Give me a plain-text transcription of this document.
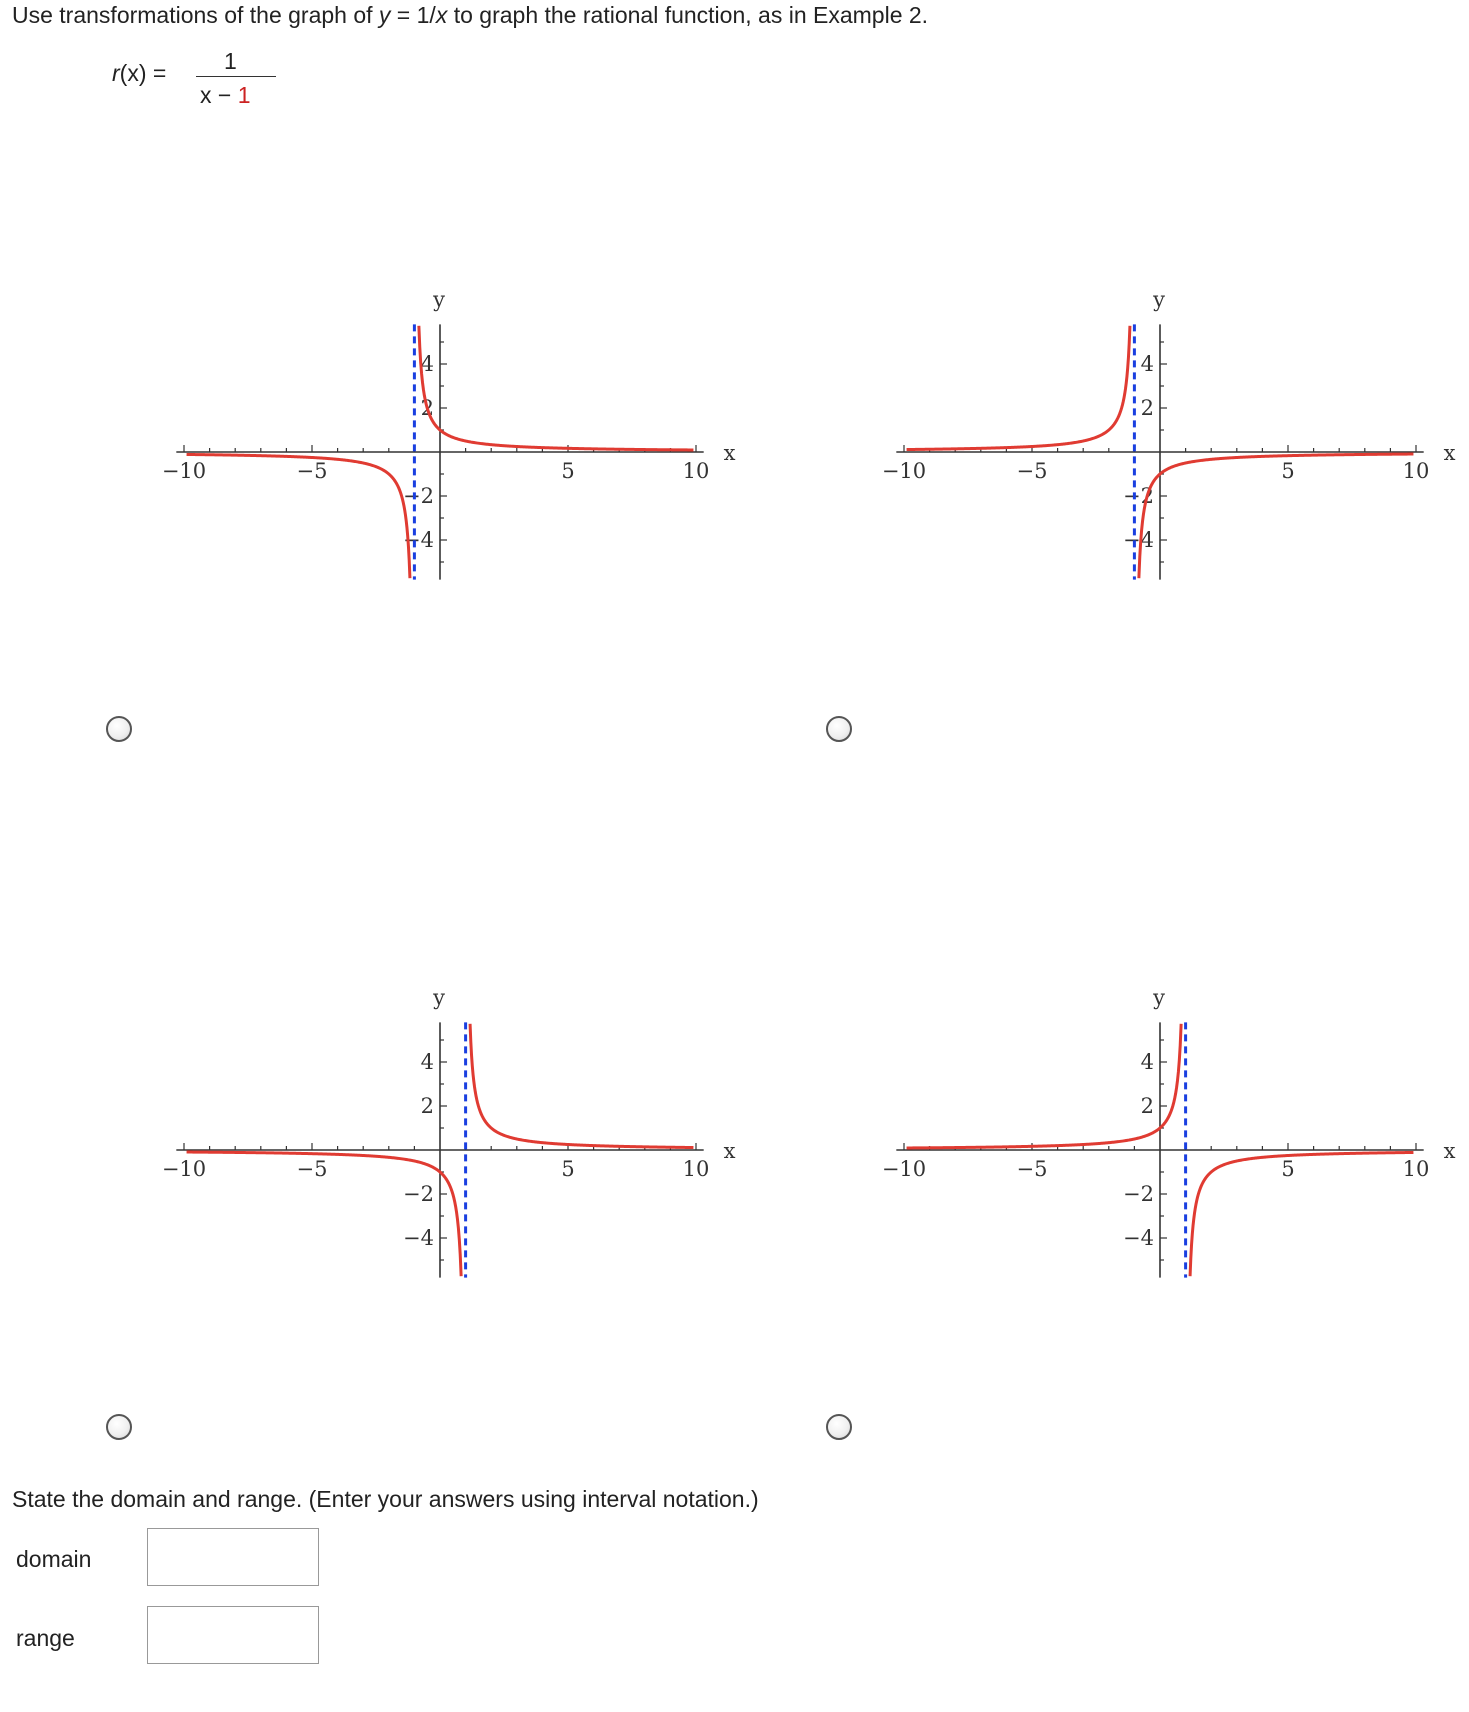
Use transformations of the graph of y = 1/x to graph the rational function, as in Example 2.
r(x) =	1
x − 1
−10	−5	5	10
4
2
−2
−4
x
y
−10	−5	5	10
4
2
−2
−4
x
y
−10	−5	5	10
4
2
−2
−4
x
y
−10	−5	5	10
4
2
−2
−4
x
y
State the domain and range. (Enter your answers using interval notation.)
domain
range
